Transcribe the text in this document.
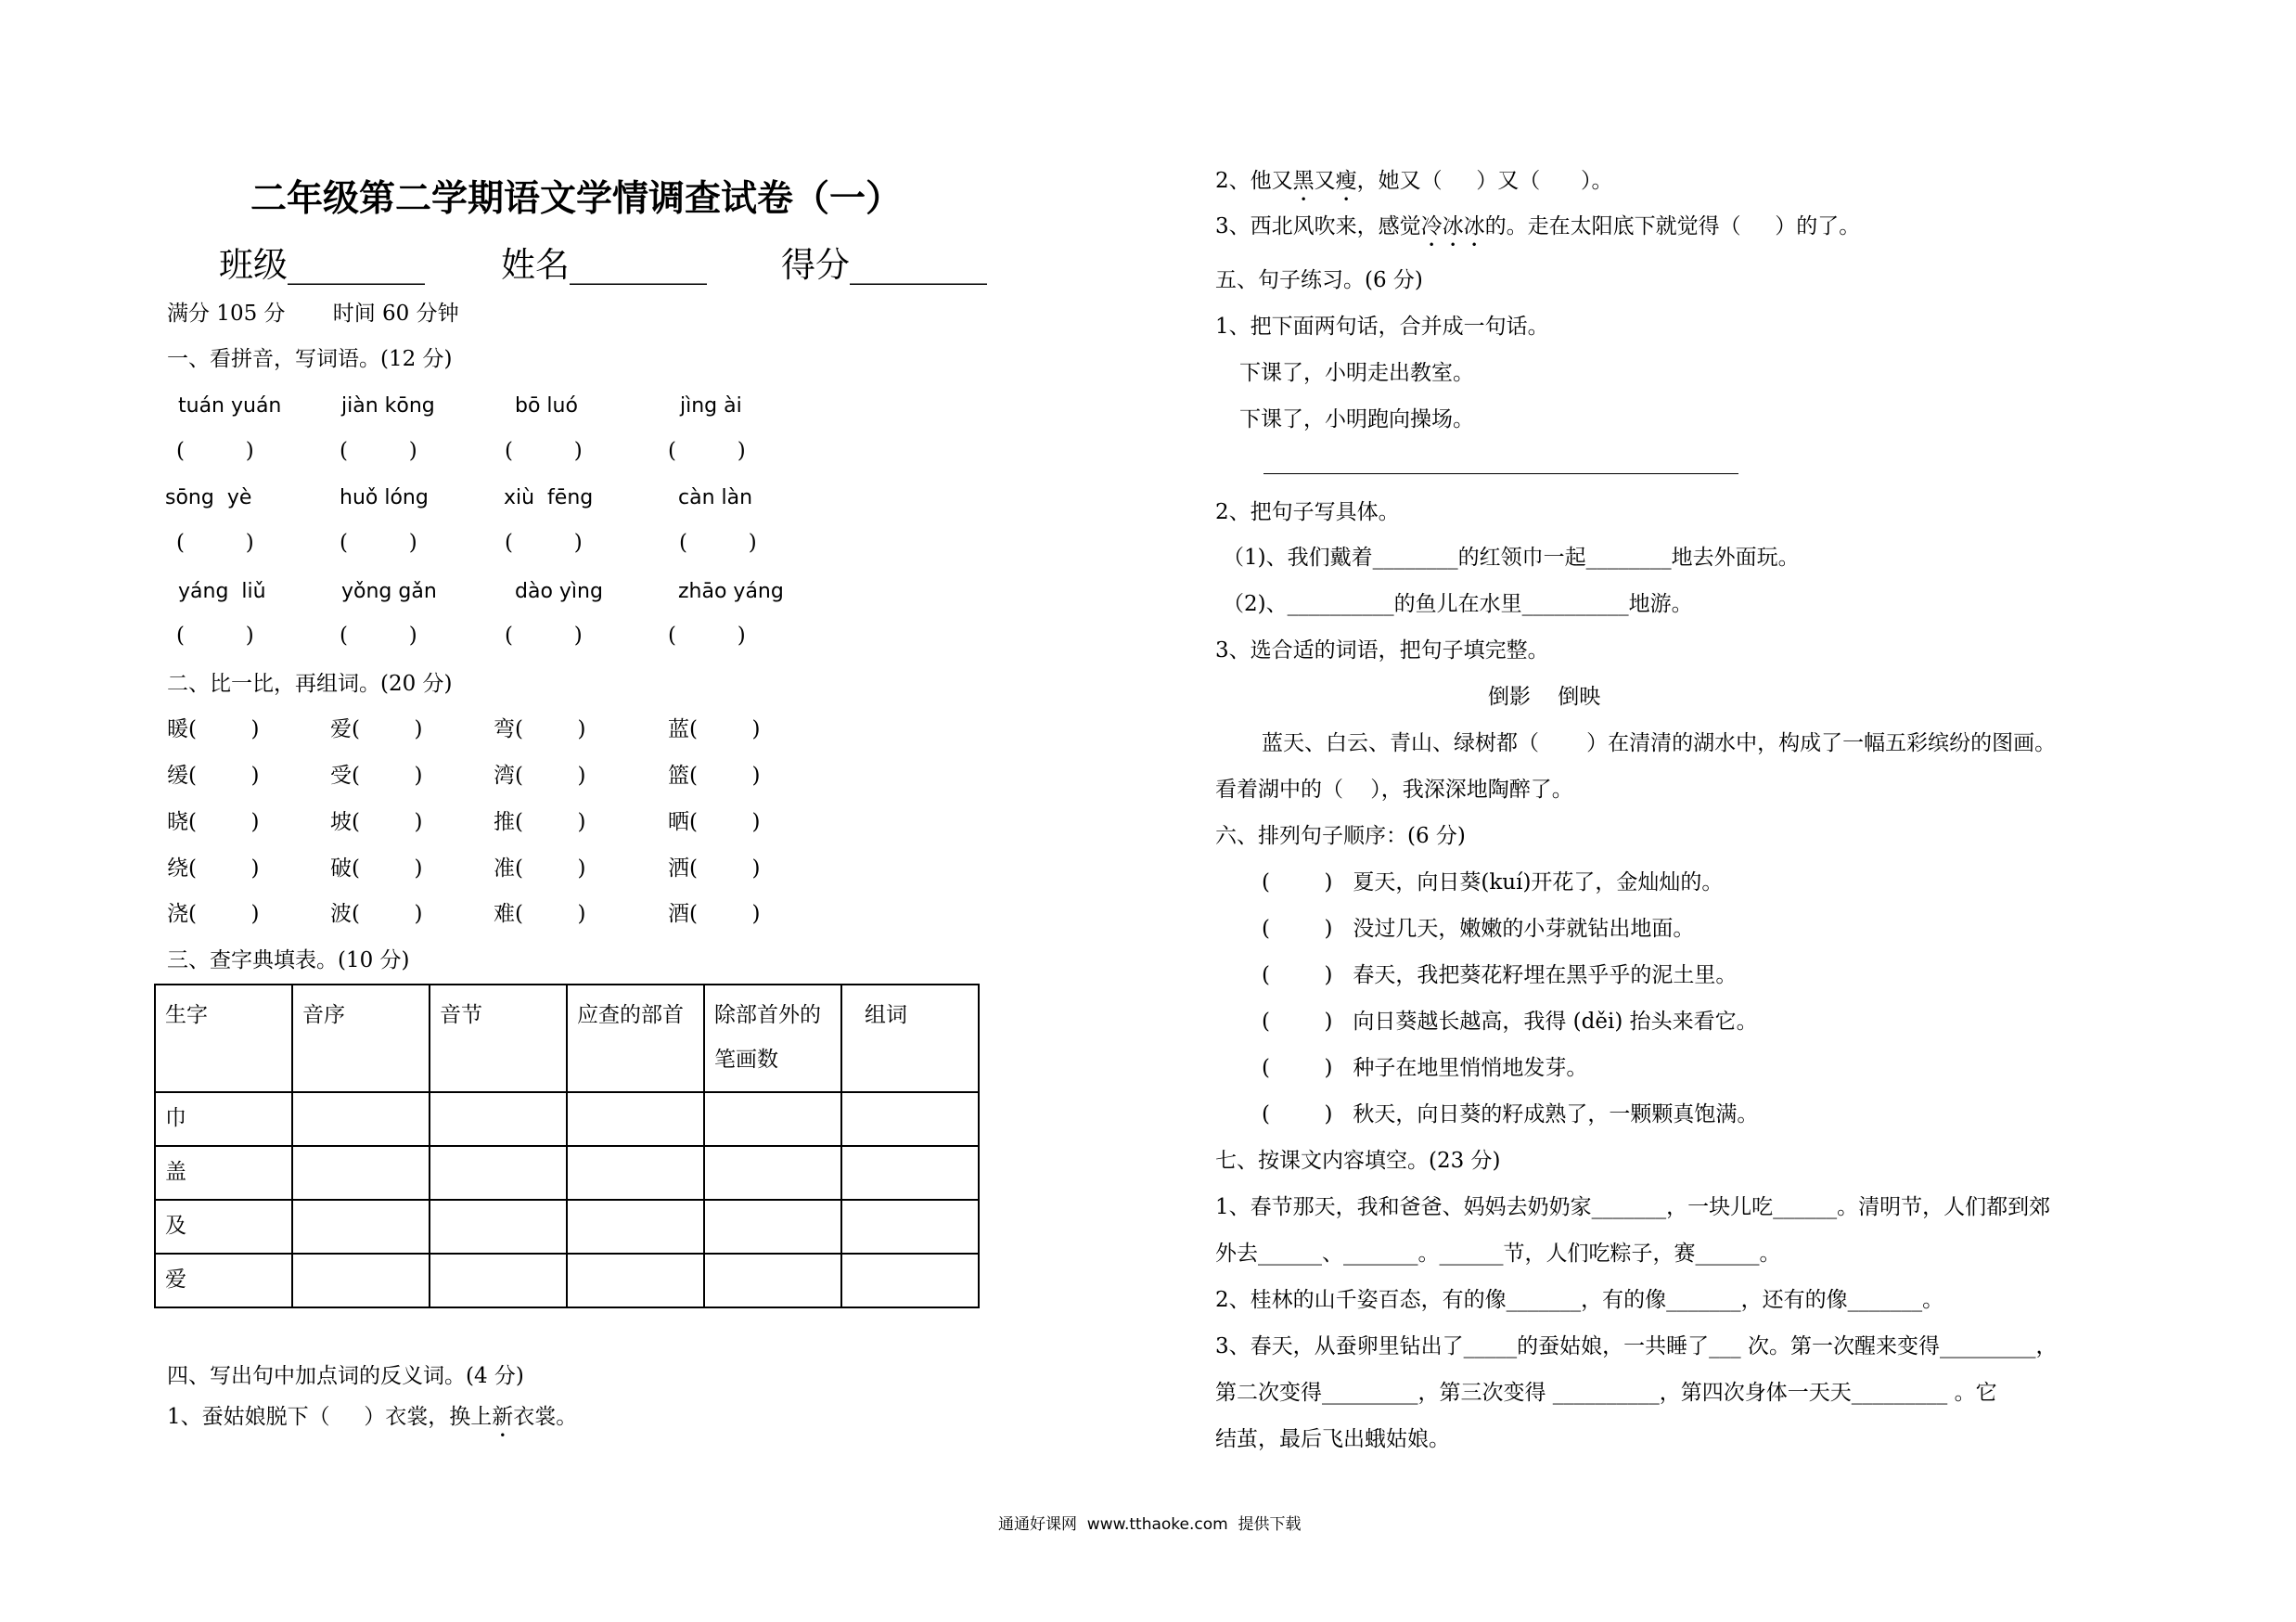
二年级第二学期语文学情调查试卷（一）
班级________ 姓名________ 得分________
满分 105 分       时间 60 分钟
一、看拼音，写词语。(12 分)
tuán yuán	jiàn kōng	bō luó	jìng ài
(         )	(         )	(         )	(         )
sōng  yè	huǒ lóng	xiù  fēng	càn làn
(         )	(         )	(         )	(         )
yáng  liǔ	yǒng gǎn	dào yìng	zhāo yáng
(         )	(         )	(         )	(         )
二、比一比，再组词。(20 分)
暖(        )	爱(        )	弯(        )	蓝(        )
缓(        )	受(        )	湾(        )	篮(        )
晓(        )	坡(        )	推(        )	晒(        )
绕(        )	破(        )	准(        )	洒(        )
浇(        )	波(        )	难(        )	酒(        )
三、查字典填表。(10 分)
生字	音序	音节	应查的部首	除部首外的笔画数	组词
巾					
盖					
及					
爱					
四、写出句中加点词的反义词。(4 分)
1、蚕姑娘脱下（     ）衣裳，换上新衣裳。
2、他又黑又瘦，她又（     ）又（      ）。
3、西北风吹来，感觉冷冰冰的。走在太阳底下就觉得（     ）的了。
五、句子练习。(6 分)
1、把下面两句话，合并成一句话。
下课了，小明走出教室。
下课了，小明跑向操场。
2、把句子写具体。
（1)、我们戴着________的红领巾一起________地去外面玩。
（2)、__________的鱼儿在水里__________地游。
3、选合适的词语，把句子填完整。
倒影    倒映
蓝天、白云、青山、绿树都（       ）在清清的湖水中，构成了一幅五彩缤纷的图画。
看着湖中的（    ），我深深地陶醉了。
六、排列句子顺序：(6 分)
(        )   夏天，向日葵(kuí)开花了，金灿灿的。
(        )   没过几天，嫩嫩的小芽就钻出地面。
(        )   春天，我把葵花籽埋在黑乎乎的泥土里。
(        )   向日葵越长越高，我得 (děi) 抬头来看它。
(        )   种子在地里悄悄地发芽。
(        )   秋天，向日葵的籽成熟了，一颗颗真饱满。
七、按课文内容填空。(23 分)
1、春节那天，我和爸爸、妈妈去奶奶家_______，一块儿吃______。清明节，人们都到郊
外去______、_______。______节，人们吃粽子，赛______。
2、桂林的山千姿百态，有的像_______，有的像_______，还有的像_______。
3、春天，从蚕卵里钻出了_____的蚕姑娘，一共睡了___ 次。第一次醒来变得_________，
第二次变得_________，第三次变得 __________，第四次身体一天天_________ 。它
结茧，最后飞出蛾姑娘。
通通好课网  www.tthaoke.com  提供下载
